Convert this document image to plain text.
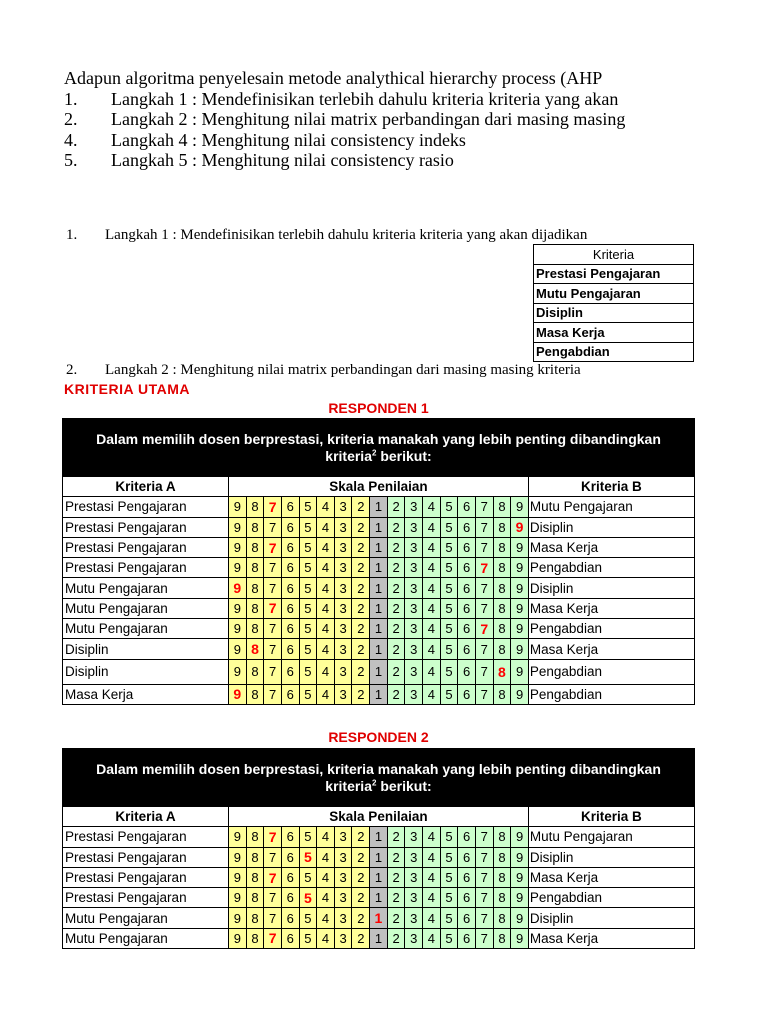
Adapun algoritma penyelesain metode analythical hierarchy process (AHP
1. Langkah 1 : Mendefinisikan terlebih dahulu kriteria kriteria yang akan
2. Langkah 2 : Menghitung nilai matrix perbandingan dari masing masing
4. Langkah 4 : Menghitung nilai consistency indeks
5. Langkah 5 : Menghitung nilai consistency rasio
1. Langkah 1 : Mendefinisikan terlebih dahulu kriteria kriteria yang akan dijadikan
Kriteria
Prestasi Pengajaran
Mutu Pengajaran
Disiplin
Masa Kerja
Pengabdian
2. Langkah 2 : Menghitung nilai matrix perbandingan dari masing masing kriteria
KRITERIA UTAMA
RESPONDEN 1
Dalam memilih dosen berprestasi, kriteria manakah yang lebih penting dibandingkan
kriteria$^2$ berikut:																		

Kriteria A	Skala Penilaian																	Kriteria B
Prestasi Pengajaran	9	8	7	6	5	4	3	2	1	2	3	4	5	6	7	8	9	Mutu Pengajaran
Prestasi Pengajaran	9	8	7	6	5	4	3	2	1	2	3	4	5	6	7	8	9	Disiplin
Prestasi Pengajaran	9	8	7	6	5	4	3	2	1	2	3	4	5	6	7	8	9	Masa Kerja
Prestasi Pengajaran	9	8	7	6	5	4	3	2	1	2	3	4	5	6	7	8	9	Pengabdian
Mutu Pengajaran	9	8	7	6	5	4	3	2	1	2	3	4	5	6	7	8	9	Disiplin
Mutu Pengajaran	9	8	7	6	5	4	3	2	1	2	3	4	5	6	7	8	9	Masa Kerja
Mutu Pengajaran	9	8	7	6	5	4	3	2	1	2	3	4	5	6	7	8	9	Pengabdian
Disiplin	9	8	7	6	5	4	3	2	1	2	3	4	5	6	7	8	9	Masa Kerja
Disiplin	9	8	7	6	5	4	3	2	1	2	3	4	5	6	7	8	9	Pengabdian
Masa Kerja	9	8	7	6	5	4	3	2	1	2	3	4	5	6	7	8	9	Pengabdian
RESPONDEN 2
Dalam memilih dosen berprestasi, kriteria manakah yang lebih penting dibandingkan
kriteria$^2$ berikut:																		

Kriteria A	Skala Penilaian																	Kriteria B
Prestasi Pengajaran	9	8	7	6	5	4	3	2	1	2	3	4	5	6	7	8	9	Mutu Pengajaran
Prestasi Pengajaran	9	8	7	6	5	4	3	2	1	2	3	4	5	6	7	8	9	Disiplin
Prestasi Pengajaran	9	8	7	6	5	4	3	2	1	2	3	4	5	6	7	8	9	Masa Kerja
Prestasi Pengajaran	9	8	7	6	5	4	3	2	1	2	3	4	5	6	7	8	9	Pengabdian
Mutu Pengajaran	9	8	7	6	5	4	3	2	1	2	3	4	5	6	7	8	9	Disiplin
Mutu Pengajaran	9	8	7	6	5	4	3	2	1	2	3	4	5	6	7	8	9	Masa Kerja
